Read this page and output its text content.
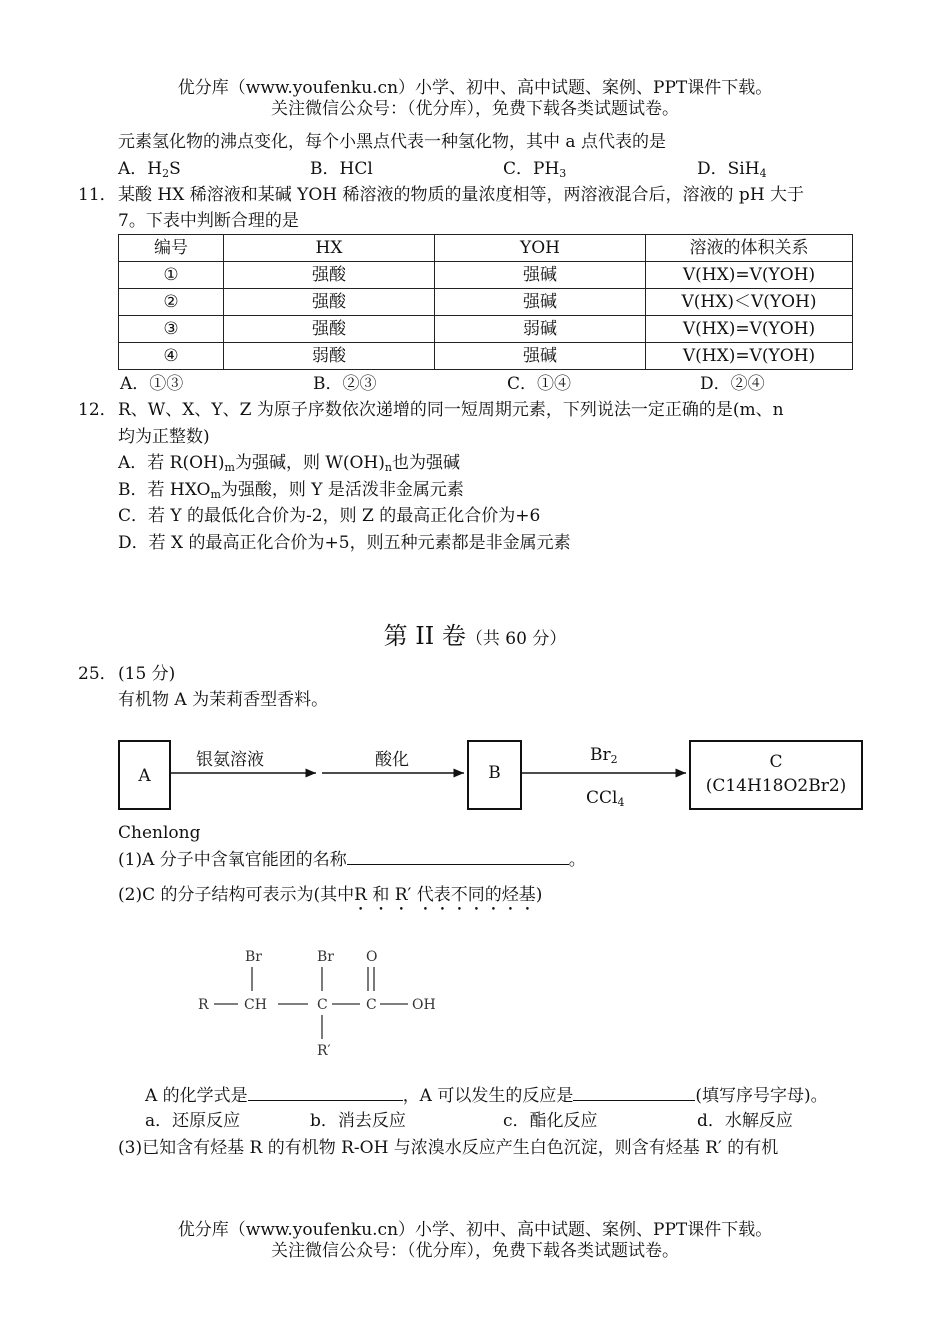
优分库（www.youfenku.cn）小学、初中、高中试题、案例、PPT课件下载。
关注微信公众号：（优分库），免费下载各类试题试卷。
元素氢化物的沸点变化，每个小黑点代表一种氢化物，其中 a 点代表的是
A．$H_2S$	B．HCl	C．$PH_3$	D．SiH$_4$
11． 某酸 HX 稀溶液和某碱 YOH 稀溶液的物质的量浓度相等，两溶液混合后，溶液的 pH 大于
7。下表中判断合理的是
编号	HX	YOH	溶液的体积关系
①	强酸	强碱	V(HX)=V(YOH)
②	强酸	强碱	V(HX)＜V(YOH)
③	强酸	弱碱	V(HX)=V(YOH)
④	弱酸	强碱	V(HX)=V(YOH)
A．①③	B．②③	C．①④	D．②④
12． R、W、X、Y、Z 为原子序数依次递增的同一短周期元素，下列说法一定正确的是(m、n
均为正整数)
A．若 $R(OH)_m$为强碱，则 $W(OH)_n$也为强碱
B．若 $HXO_m$为强酸，则 Y 是活泼非金属元素
C．若 Y 的最低化合价为-2，则 Z 的最高正化合价为+6
D．若 X 的最高正化合价为+5，则五种元素都是非金属元素
第 II 卷（共 60 分）
25． (15 分)
有机物 A 为茉莉香型香料。
A	B
C
(C14H18O2Br2)
银氨溶液	酸化	$Br_2$
CCl$_4$
Chenlong
(1)A 分子中含氧官能团的名称	。
(2)C 的分子结构可表示为(其中R 和 R′ 代表不同的烃基)
R	CH	C	C	OH
Br	Br O
R′
A 的化学式是	，A 可以发生的反应是	(填写序号字母)。
a．还原反应	b．消去反应	c．酯化反应	d．水解反应
(3)已知含有烃基 R 的有机物 R-OH 与浓溴水反应产生白色沉淀，则含有烃基 R′ 的有机
优分库（www.youfenku.cn）小学、初中、高中试题、案例、PPT课件下载。
关注微信公众号：（优分库），免费下载各类试题试卷。
